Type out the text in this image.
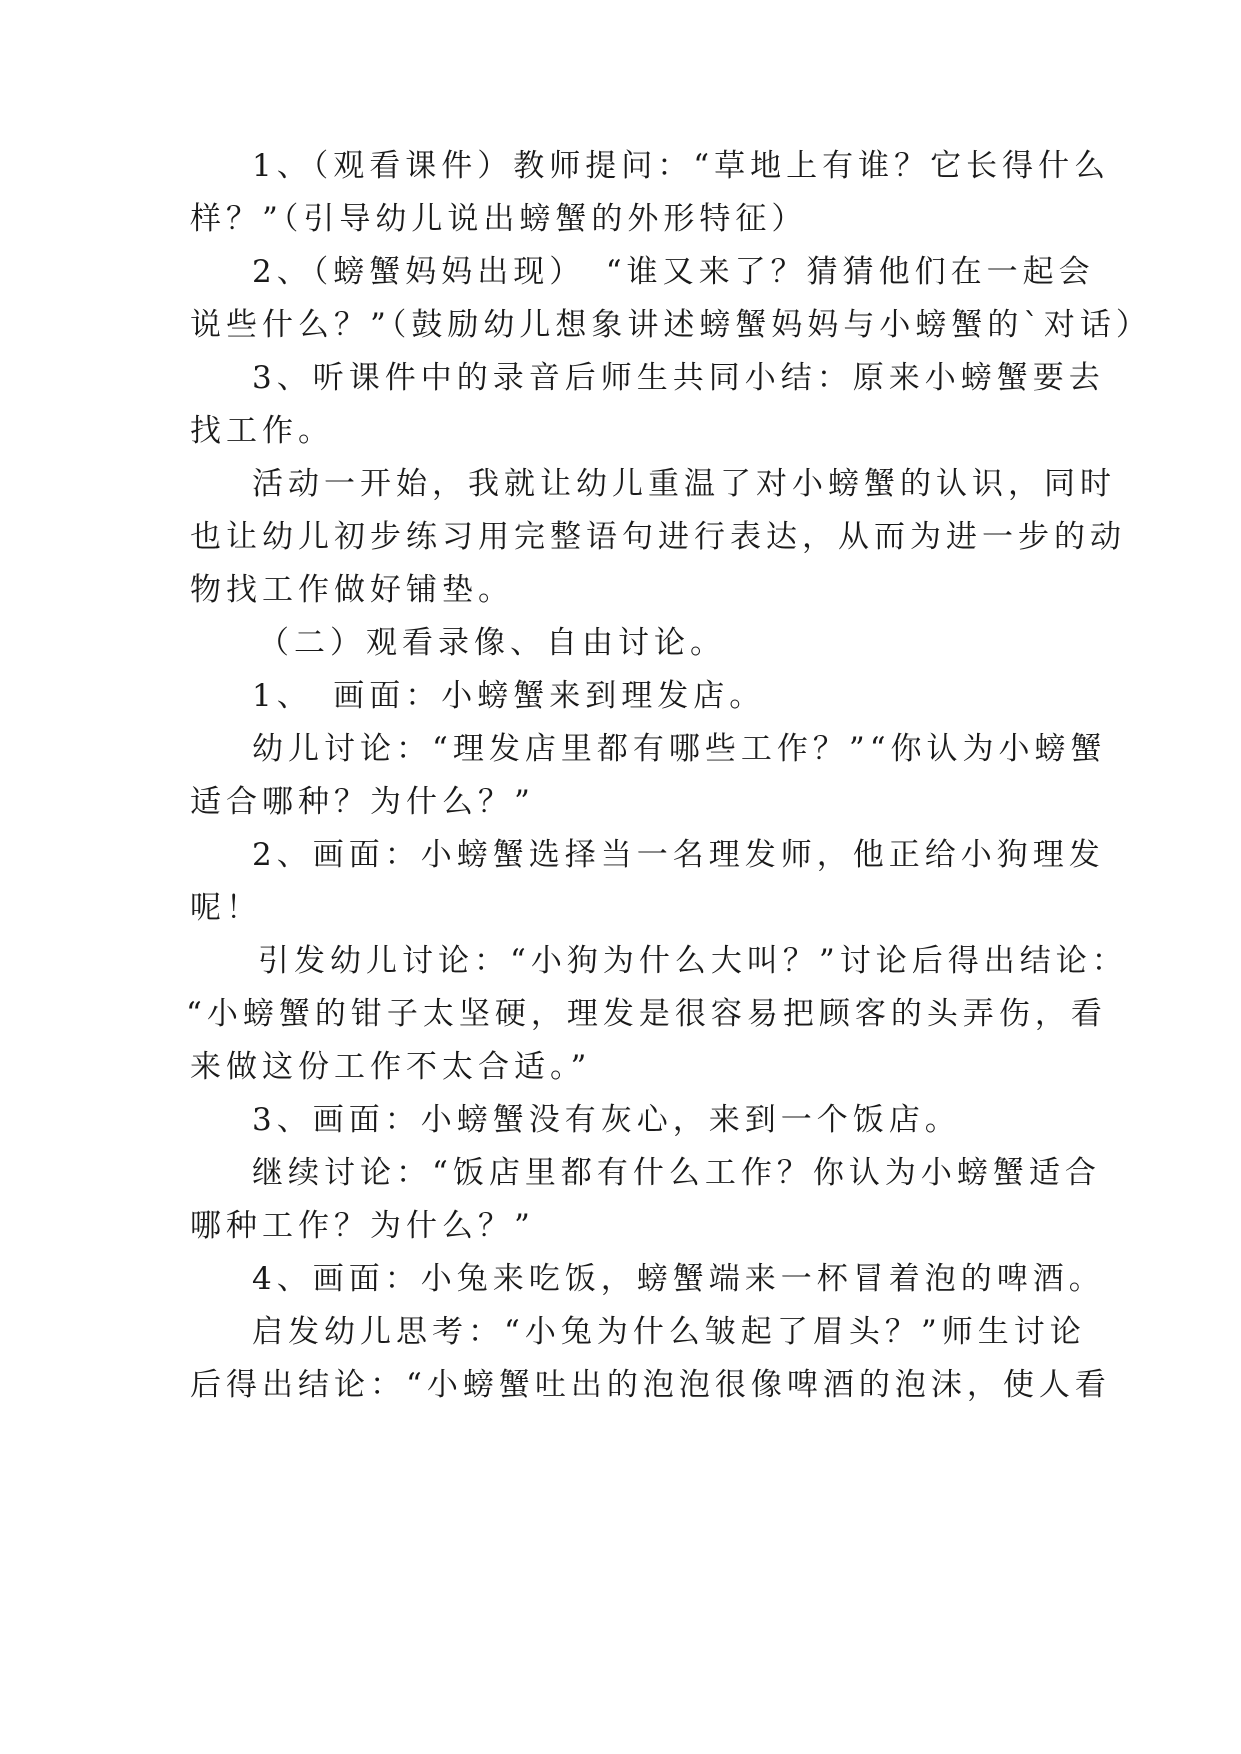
1、（观看课件）教师提问：“草地上有谁？它长得什么
样？”（引导幼儿说出螃蟹的外形特征）
2、（螃蟹妈妈出现）　“谁又来了？猜猜他们在一起会
说些什么？”（鼓励幼儿想象讲述螃蟹妈妈与小螃蟹的`对话）
3、听课件中的录音后师生共同小结：原来小螃蟹要去
找工作。
活动一开始，我就让幼儿重温了对小螃蟹的认识，同时
也让幼儿初步练习用完整语句进行表达，从而为进一步的动
物找工作做好铺垫。
（二）观看录像、自由讨论。
1、　画面：小螃蟹来到理发店。
幼儿讨论：“理发店里都有哪些工作？”“你认为小螃蟹
适合哪种？为什么？”
2、画面：小螃蟹选择当一名理发师，他正给小狗理发
呢！
引发幼儿讨论：“小狗为什么大叫？”讨论后得出结论：
“小螃蟹的钳子太坚硬，理发是很容易把顾客的头弄伤，看
来做这份工作不太合适。”
3、画面：小螃蟹没有灰心，来到一个饭店。
继续讨论：“饭店里都有什么工作？你认为小螃蟹适合
哪种工作？为什么？”
4、画面：小兔来吃饭，螃蟹端来一杯冒着泡的啤酒。
启发幼儿思考：“小兔为什么皱起了眉头？”师生讨论
后得出结论：“小螃蟹吐出的泡泡很像啤酒的泡沫，使人看
